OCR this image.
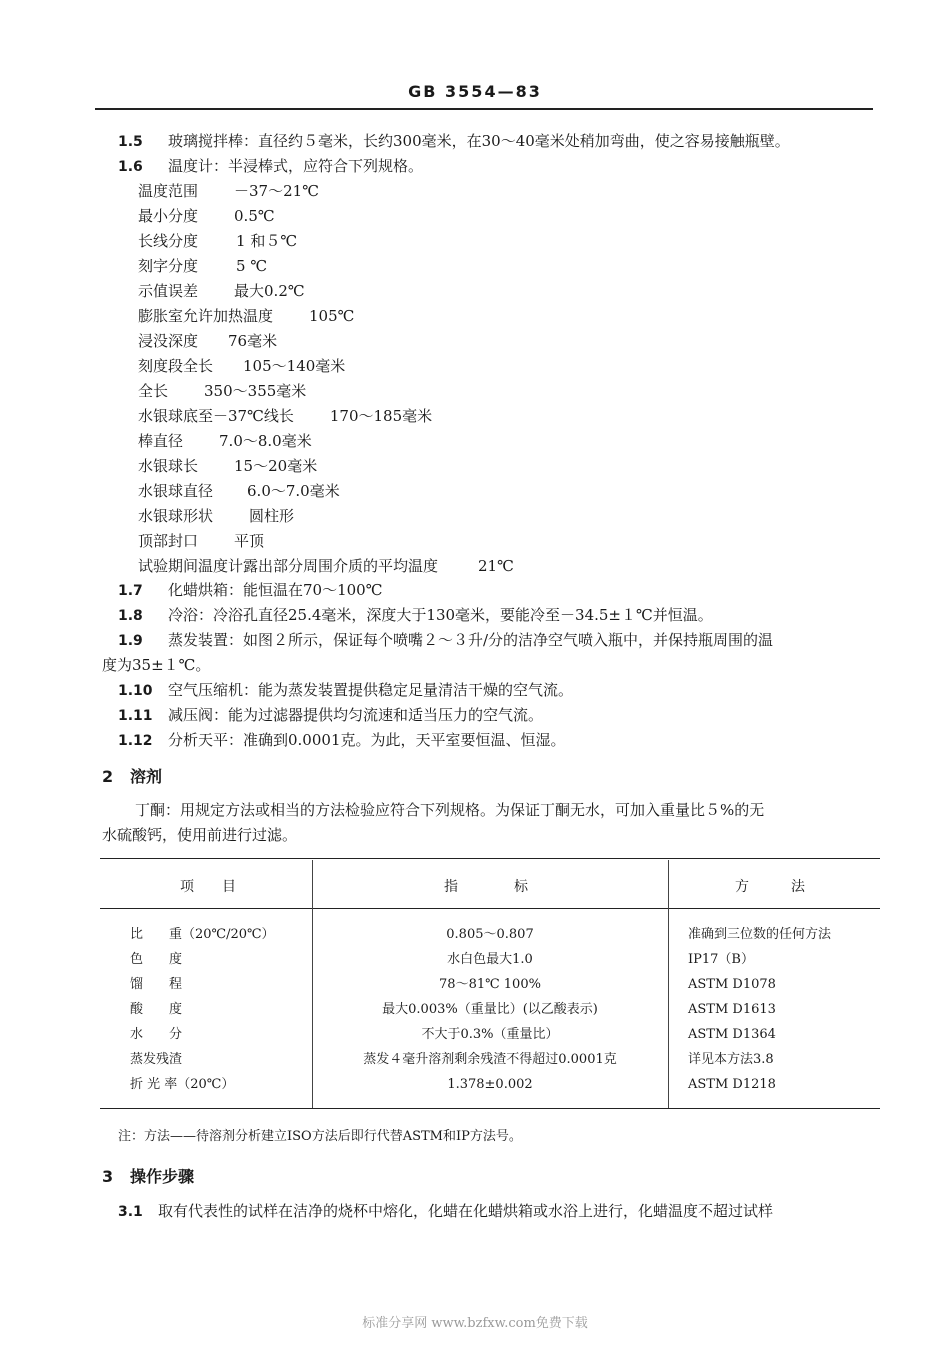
GB 3554—83
1.5 玻璃搅拌棒：直径约５毫米，长约300毫米，在30～40毫米处稍加弯曲，使之容易接触瓶壁。
1.6 温度计：半浸棒式，应符合下列规格。
温度范围 －37～21℃
最小分度 0.5℃
长线分度	1 和５℃
刻字分度	5 ℃
示值误差 最大0.2℃
膨胀室允许加热温度 105℃
浸没深度 76毫米
刻度段全长 105～140毫米
全长 350～355毫米
水银球底至－37℃线长 170～185毫米
棒直径 7.0～8.0毫米
水银球长 15～20毫米
水银球直径 6.0～7.0毫米
水银球形状 圆柱形
顶部封口 平顶
试验期间温度计露出部分周围介质的平均温度	21℃
1.7 化蜡烘箱：能恒温在70～100℃
1.8 冷浴：冷浴孔直径25.4毫米，深度大于130毫米，要能冷至－34.5±１℃并恒温。
1.9 蒸发装置：如图２所示，保证每个喷嘴２～３升/分的洁净空气喷入瓶中，并保持瓶周围的温
度为35±１℃。
1.10 空气压缩机：能为蒸发装置提供稳定足量清洁干燥的空气流。
1.11 减压阀：能为过滤器提供均匀流速和适当压力的空气流。
1.12 分析天平：准确到0.0001克。为此，天平室要恒温、恒湿。
2 溶剂
丁酮：用规定方法或相当的方法检验应符合下列规格。为保证丁酮无水，可加入重量比５%的无
水硫酸钙，使用前进行过滤。
项　　目	指　　　　标	方　　　法
比　　重（20℃/20℃）	0.805～0.807	准确到三位数的任何方法
色　　度	水白色最大1.0	IP17（B）
馏　　程	78～81℃ 100%	ASTM D1078
酸　　度	最大0.003%（重量比）(以乙酸表示)	ASTM D1613
水　　分	不大于0.3%（重量比）	ASTM D1364
蒸发残渣	蒸发４毫升溶剂剩余残渣不得超过0.0001克	详见本方法3.8
折 光 率（20℃）	1.378±0.002	ASTM D1218
注：方法——待溶剂分析建立ISO方法后即行代替ASTM和IP方法号。
3 操作步骤
3.1 取有代表性的试样在洁净的烧杯中熔化，化蜡在化蜡烘箱或水浴上进行，化蜡温度不超过试样
标准分享网 www.bzfxw.com免费下载
